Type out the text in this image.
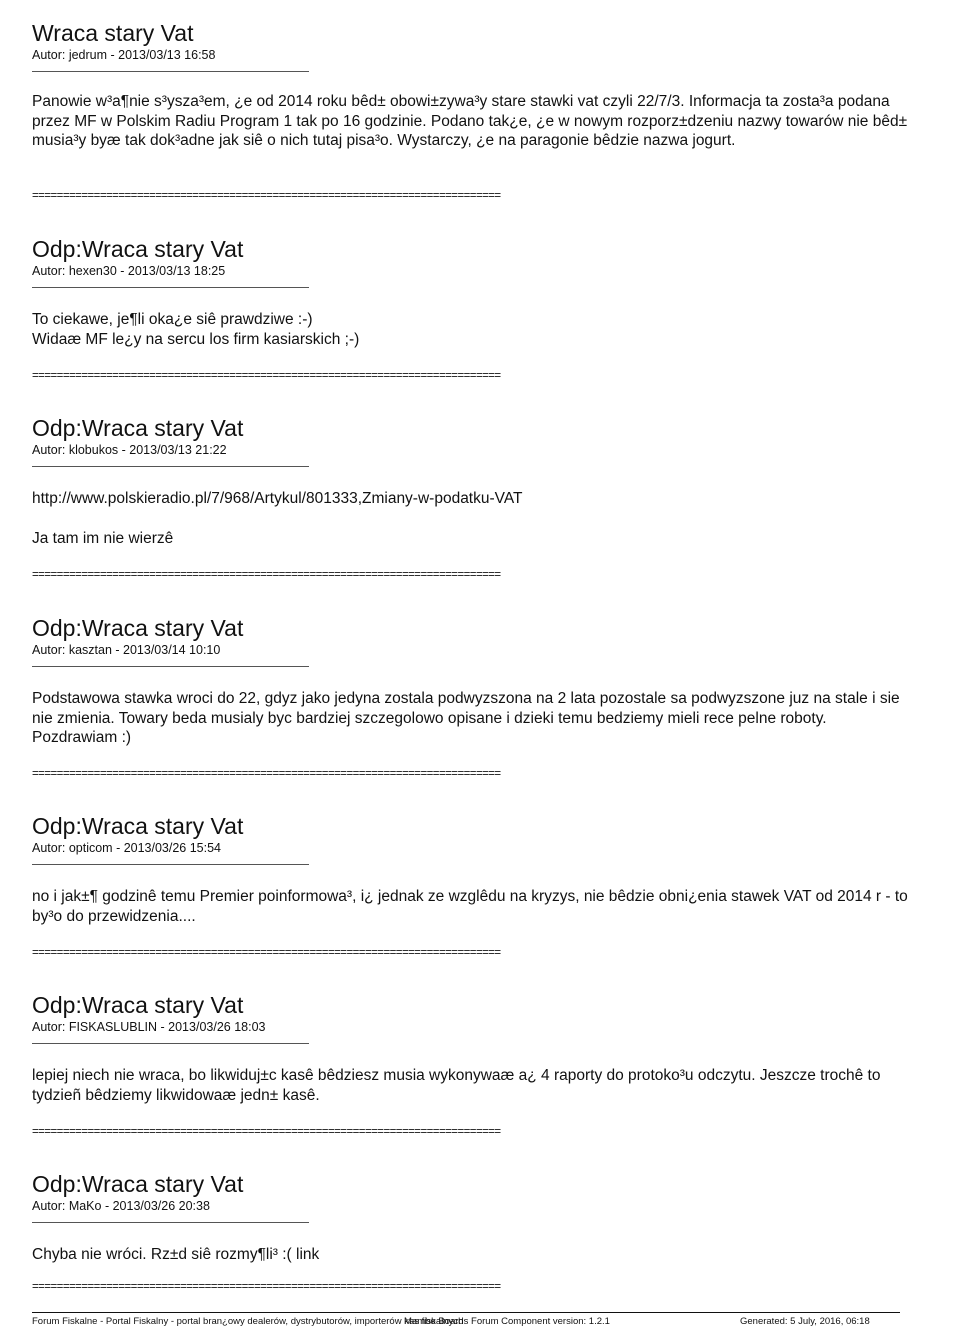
Wraca stary Vat
Autor: jedrum - 2013/03/13 16:58

Panowie w³a¶nie s³ysza³em, ¿e od 2014 roku bêd± obowi±zywa³y stare stawki vat czyli 22/7/3. Informacja ta zosta³a podana przez MF w Polskim Radiu Program 1 tak po 16 godzinie. Podano tak¿e, ¿e w nowym rozporz±dzeniu nazwy towarów nie bêd± musia³y byæ tak dok³adne jak siê o nich tutaj pisa³o. Wystarczy, ¿e na paragonie bêdzie nazwa jogurt.

============================================================================
Odp:Wraca stary Vat
Autor: hexen30 - 2013/03/13 18:25

To ciekawe, je¶li oka¿e siê prawdziwe :-)
Widaæ MF le¿y na sercu los firm kasiarskich ;-)

============================================================================
Odp:Wraca stary Vat
Autor: klobukos - 2013/03/13 21:22

http://www.polskieradio.pl/7/968/Artykul/801333,Zmiany-w-podatku-VAT

Ja tam im nie wierzê

============================================================================
Odp:Wraca stary Vat
Autor: kasztan - 2013/03/14 10:10

Podstawowa stawka wroci do 22, gdyz jako jedyna zostala podwyzszona na 2 lata pozostale sa podwyzszone juz na stale i sie nie zmienia. Towary beda musialy byc bardziej szczegolowo opisane i dzieki temu bedziemy mieli rece pelne roboty. Pozdrawiam :)

============================================================================
Odp:Wraca stary Vat
Autor: opticom - 2013/03/26 15:54

no i jak±¶ godzinê temu Premier poinformowa³, i¿ jednak ze wzglêdu na kryzys, nie bêdzie obni¿enia stawek VAT od 2014 r - to by³o do przewidzenia....

============================================================================
Odp:Wraca stary Vat
Autor: FISKASLUBLIN - 2013/03/26 18:03

lepiej niech nie wraca, bo likwiduj±c kasê bêdziesz musia wykonywaæ a¿ 4 raporty do protoko³u odczytu. Jeszcze trochê to tydzieñ bêdziemy likwidowaæ jedn± kasê.

============================================================================
Odp:Wraca stary Vat
Autor: MaKo - 2013/03/26 20:38

Chyba nie wróci. Rz±d siê rozmy¶li³ :( link

============================================================================
Forum Fiskalne - Portal Fiskalny - portal bran¿owy dealerów, dystrybutorów, importerów kas fiskalnych
Mambo Boards Forum Component version: 1.2.1	Generated: 5 July, 2016, 06:18
